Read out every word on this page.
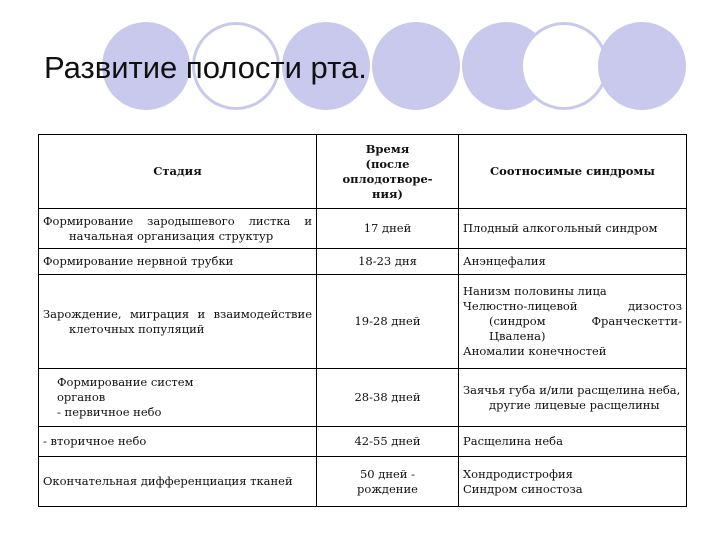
Развитие полости рта.
Стадия	Время
(после
оплодотворе-
ния)	Соотносимые синдромы

Формирование зародышевого листка и
начальная организация структур	17 дней	Плодный алкогольный синдром

Формирование нервной трубки	18-23 дня	Анэнцефалия

Зарождение, миграция и взаимодействие
клеточных популяций	19-28 дней	Нанизм половины лица
Челюстно-лицевой дизостоз
(синдром Франческетти-
Цвалена)
Аномалии конечностей

Формирование систем
органов
- первичное небо	28-38 дней	Заячья губа и/или расщелина неба,
другие лицевые расщелины

- вторичное небо	42-55 дней	Расщелина неба

Окончательная дифференциация тканей	50 дней -
рождение	Хондродистрофия
Синдром синостоза
